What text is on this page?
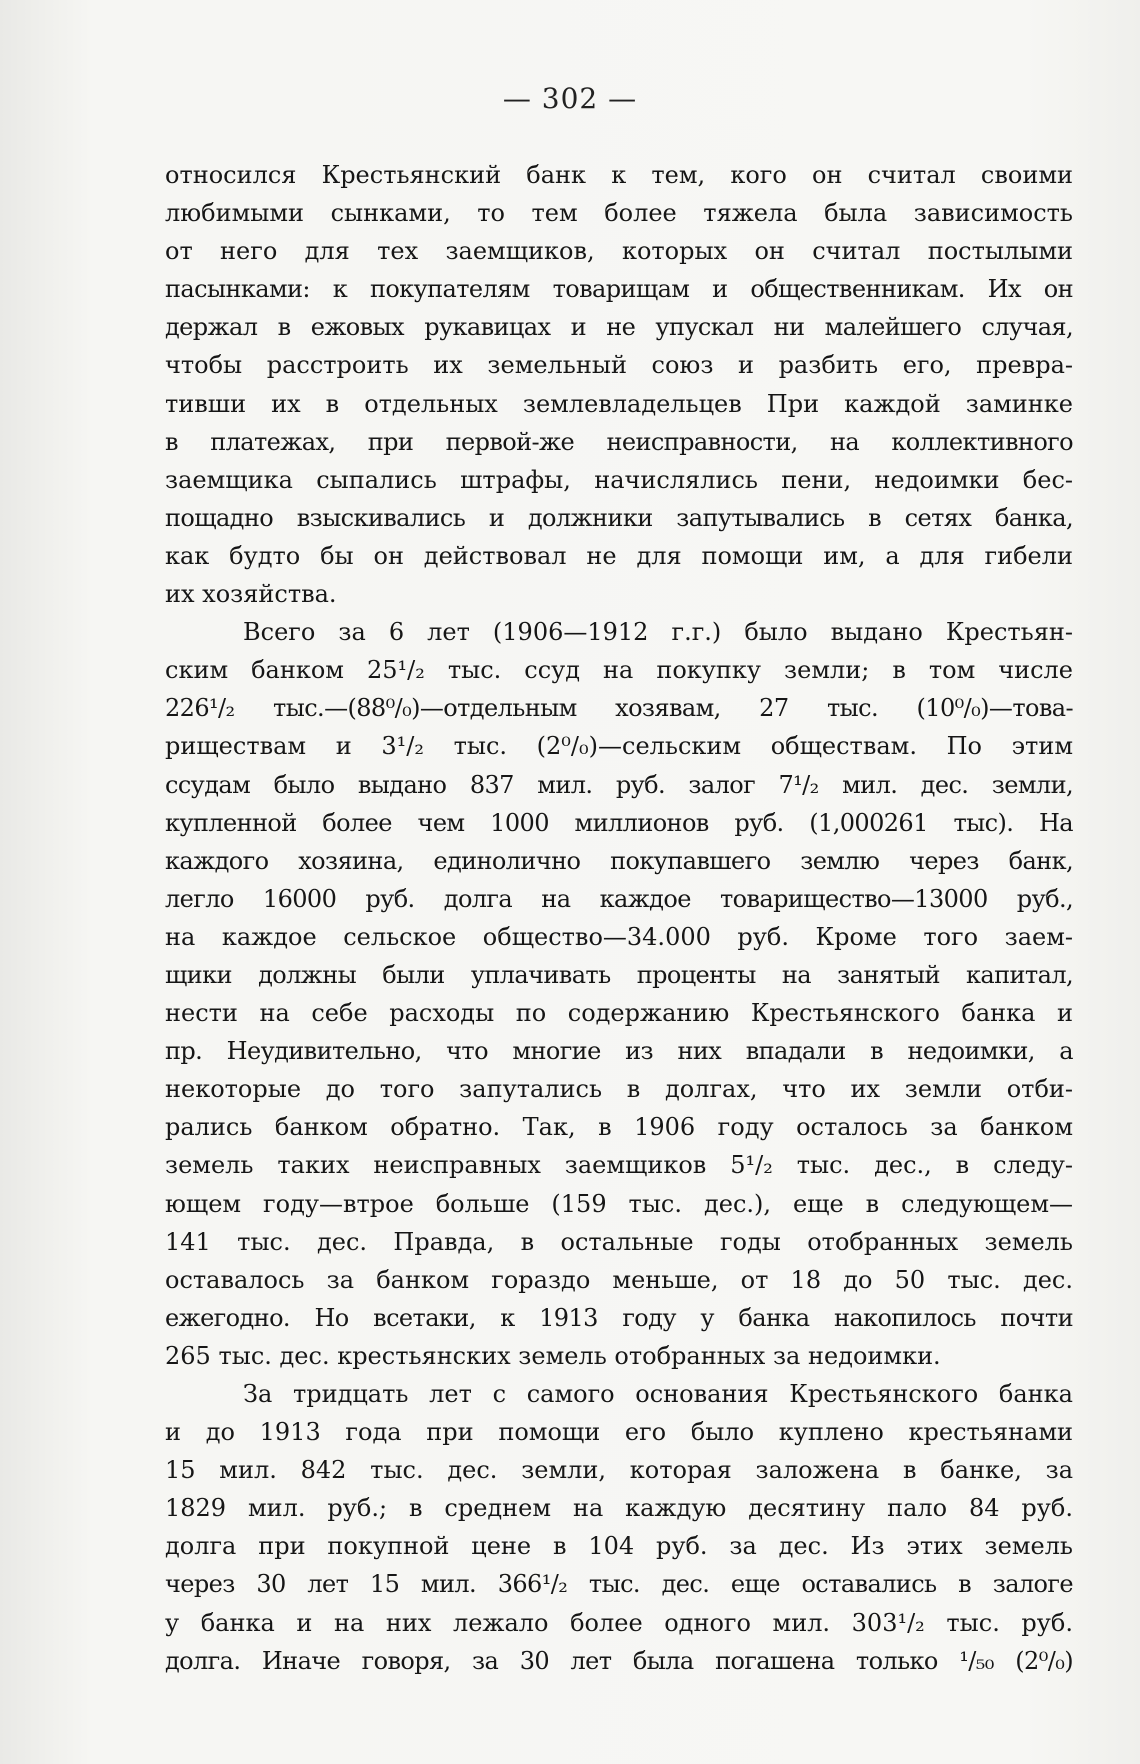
— 302 —
относился Крестьянский банк к тем, кого он считал своими
любимыми сынками, то тем более тяжела была зависимость
от него для тех заемщиков, которых он считал постылыми
пасынками: к покупателям товарищам и общественникам. Их он
держал в ежовых рукавицах и не упускал ни малейшего случая,
чтобы расстроить их земельный союз и разбить его, превра-
тивши их в отдельных землевладельцев При каждой заминке
в платежах, при первой-же неисправности, на коллективного
заемщика сыпались штрафы, начислялись пени, недоимки бес-
пощадно взыскивались и должники запутывались в сетях банка,
как будто бы он действовал не для помощи им, а для гибели
их хозяйства.
Всего за 6 лет (1906—1912 г.г.) было выдано Крестьян-
ским банком 25¹/₂ тыс. ссуд на покупку земли; в том числе
226¹/₂ тыс.—(88⁰/₀)—отдельным хозявам, 27 тыс. (10⁰/₀)—това-
риществам и 3¹/₂ тыс. (2⁰/₀)—сельским обществам. По этим
ссудам было выдано 837 мил. руб. залог 7¹/₂ мил. дес. земли,
купленной более чем 1000 миллионов руб. (1,000261 тыс). На
каждого хозяина, единолично покупавшего землю через банк,
легло 16000 руб. долга на каждое товарищество—13000 руб.,
на каждое сельское общество—34.000 руб. Кроме того заем-
щики должны были уплачивать проценты на занятый капитал,
нести на себе расходы по содержанию Крестьянского банка и
пр. Неудивительно, что многие из них впадали в недоимки, а
некоторые до того запутались в долгах, что их земли отби-
рались банком обратно. Так, в 1906 году осталось за банком
земель таких неисправных заемщиков 5¹/₂ тыс. дес., в следу-
ющем году—втрое больше (159 тыс. дес.), еще в следующем—
141 тыс. дес. Правда, в остальные годы отобранных земель
оставалось за банком гораздо меньше, от 18 до 50 тыс. дес.
ежегодно. Но всетаки, к 1913 году у банка накопилось почти
265 тыс. дес. крестьянских земель отобранных за недоимки.
За тридцать лет с самого основания Крестьянского банка
и до 1913 года при помощи его было куплено крестьянами
15 мил. 842 тыс. дес. земли, которая заложена в банке, за
1829 мил. руб.; в среднем на каждую десятину пало 84 руб.
долга при покупной цене в 104 руб. за дес. Из этих земель
через 30 лет 15 мил. 366¹/₂ тыс. дес. еще оставались в залоге
у банка и на них лежало более одного мил. 303¹/₂ тыс. руб.
долга. Иначе говоря, за 30 лет была погашена только ¹/₅₀ (2⁰/₀)
